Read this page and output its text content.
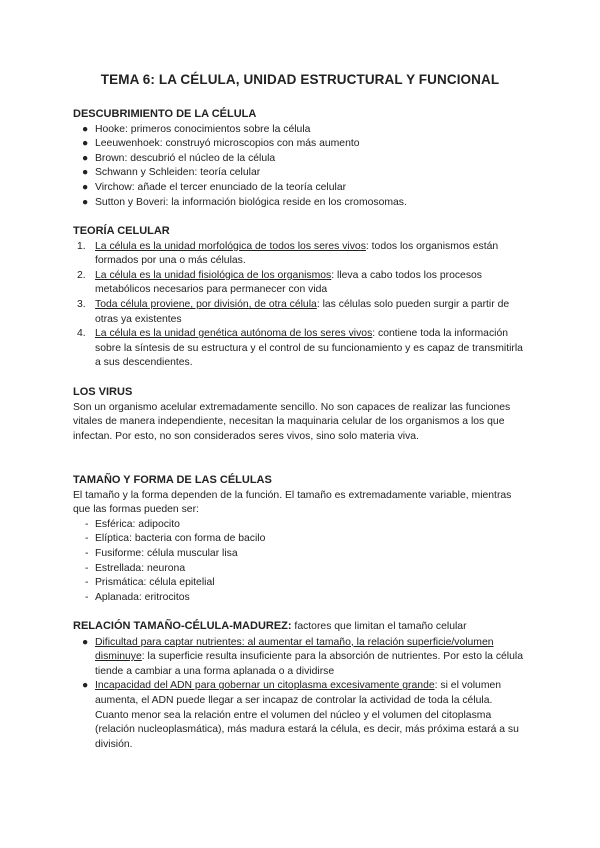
TEMA 6: LA CÉLULA, UNIDAD ESTRUCTURAL Y FUNCIONAL
DESCUBRIMIENTO DE LA CÉLULA
● Hooke: primeros conocimientos sobre la célula
● Leeuwenhoek: construyó microscopios con más aumento
● Brown: descubrió el núcleo de la célula
● Schwann y Schleiden: teoría celular
● Virchow: añade el tercer enunciado de la teoría celular
● Sutton y Boveri: la información biológica reside en los cromosomas.
TEORÍA CELULAR
1. La célula es la unidad morfológica de todos los seres vivos: todos los organismos están formados por una o más células.
2. La célula es la unidad fisiológica de los organismos: lleva a cabo todos los procesos metabólicos necesarios para permanecer con vida
3. Toda célula proviene, por división, de otra célula: las células solo pueden surgir a partir de otras ya existentes
4. La célula es la unidad genética autónoma de los seres vivos: contiene toda la información sobre la síntesis de su estructura y el control de su funcionamiento y es capaz de transmitirla a sus descendientes.
LOS VIRUS

Son un organismo acelular extremadamente sencillo. No son capaces de realizar las funciones vitales de manera independiente, necesitan la maquinaria celular de los organismos a los que infectan. Por esto, no son considerados seres vivos, sino solo materia viva.

TAMAÑO Y FORMA DE LAS CÉLULAS

El tamaño y la forma dependen de la función. El tamaño es extremadamente variable, mientras que las formas pueden ser:

- Esférica: adipocito
- Elíptica: bacteria con forma de bacilo
- Fusiforme: célula muscular lisa
- Estrellada: neurona
- Prismática: célula epitelial
- Aplanada: eritrocitos
RELACIÓN TAMAÑO-CÉLULA-MADUREZ: factores que limitan el tamaño celular
● Dificultad para captar nutrientes: al aumentar el tamaño, la relación superficie/volumen disminuye: la superficie resulta insuficiente para la absorción de nutrientes. Por esto la célula tiende a cambiar a una forma aplanada o a dividirse
● Incapacidad del ADN para gobernar un citoplasma excesivamente grande: si el volumen aumenta, el ADN puede llegar a ser incapaz de controlar la actividad de toda la célula. Cuanto menor sea la relación entre el volumen del núcleo y el volumen del citoplasma (relación nucleoplasmática), más madura estará la célula, es decir, más próxima estará a su división.
